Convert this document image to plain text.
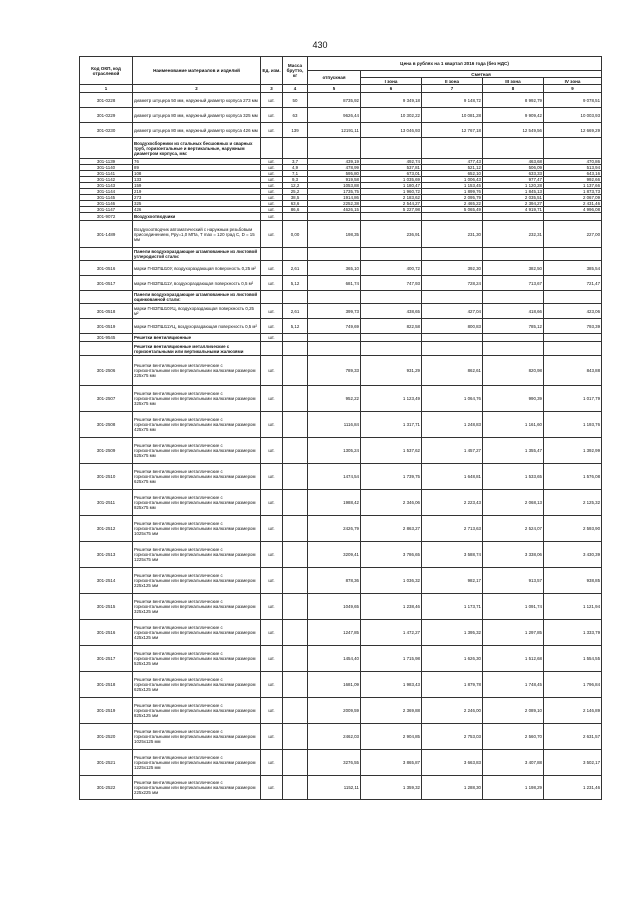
430
Код ОКП, код отраслевой	Наименование материалов и изделий	Ед. изм.	Масса брутто, кг	Цена в рублях на 1 квартал 2016 года (без НДС)				
				отпускная	Сметная			
					I зона	II зона	III зона	IV зона
1	2	3	4	5	6	7	8	9
301-0228	диаметр штуцера 50 мм, наружный диаметр корпуса 273 мм	шт.	50	8735,92	9 349,18	9 148,72	8 992,79	9 078,51
301-0229	диаметр штуцера 80 мм, наружный диаметр корпуса 325 мм	шт.	63	9626,44	10 302,22	10 081,28	9 909,42	10 003,93
301-0230	диаметр штуцера 80 мм, наружный диаметр корпуса 426 мм	шт.	139	12191,11	13 046,93	12 767,18	12 549,56	12 669,29
	Воздухосборники из стальных бесшовных и сварных труб, горизонтальные и вертикальные, наружным диаметром корпуса, мм:							
301-1139	76	шт.	3,7	439,19	492,74	477,43	463,68	470,86
301-1140	89	шт.	4,9	478,99	537,81	521,12	506,09	513,94
301-1141	108	шт.	7,1	595,80	673,01	652,10	633,33	643,16
301-1142	133	шт.	9,3	919,58	1 035,69	1 006,43	977,47	992,66
301-1143	159	шт.	12,2	1053,88	1 180,47	1 153,45	1 120,28	1 137,66
301-1144	219	шт.	25,2	1735,75	1 960,72	1 899,76	1 845,13	1 873,73
301-1145	273	шт.	38,5	1914,86	2 183,62	2 095,79	2 035,51	2 067,09
301-1146	325	шт.	63,6	2252,38	2 544,27	2 465,22	2 394,27	2 431,46
301-1147	426	шт.	86,6	4626,15	5 227,98	5 065,49	4 919,71	4 996,08
301-9072	Воздухоотводчики	шт.						
301-1489	Воздухоотводчик автоматический с наружным резьбовым присоединением, Pру=1,0 МПа, T max = 120 град C, D = 15 мм	шт.	0,00	198,35	236,91	231,30	232,31	227,00
	Панели воздухораздающие штампованные из листовой углеродистой стали:							
301-0516	марки П-ВЗПШ10У, воздухораздающая поверхность 0,25 м²	шт.	2,61	365,10	400,72	392,30	382,50	385,54
301-0517	марки П-ВЗПШ11У, воздухораздающая поверхность 0,5 м²	шт.	5,12	681,74	747,93	728,24	713,67	721,47
	Панели воздухораздающие штампованные из листовой оцинкованной стали:							
301-0518	марки П-ВЗПШ10УЦ, воздухораздающая поверхность 0,25 м²	шт.	2,61	399,73	438,65	427,04	418,66	423,06
301-0519	марки П-ВЗПШ11УЦ, воздухораздающая поверхность 0,5 м²	шт.	5,12	749,69	822,58	800,83	785,12	793,39
301-9545	Решетки вентиляционные	шт.						
	Решетки вентиляционные металлические с горизонтальными или вертикальными жалюзями							
301-2506	Решетки вентиляционные металлические с горизонтальными или вертикальными жалюзями размером 225х75 мм	шт.		789,33	931,29	862,61	820,98	843,88
301-2507	Решетки вентиляционные металлические с горизонтальными или вертикальными жалюзями размером 325х75 мм	шт.		952,22	1 123,49	1 064,76	990,39	1 017,79
301-2508	Решетки вентиляционные металлические с горизонтальными или вертикальными жалюзями размером 425х75 мм	шт.		1116,84	1 317,71	1 248,83	1 161,60	1 193,76
301-2509	Решетки вентиляционные металлические с горизонтальными или вертикальными жалюзями размером 525х75 мм	шт.		1305,24	1 537,62	1 457,27	1 355,47	1 392,99
301-2510	Решетки вентиляционные металлические с горизонтальными или вертикальными жалюзями размером 625х75 мм	шт.		1474,54	1 739,75	1 648,81	1 533,65	1 576,08
301-2511	Решетки вентиляционные металлические с горизонтальными или вертикальными жалюзями размером 825х75 мм	шт.		1988,42	2 346,06	2 223,43	2 068,13	2 125,32
301-2512	Решетки вентиляционные металлические с горизонтальными или вертикальными жалюзями размером 1025х75 мм	шт.		2426,79	2 863,27	2 713,63	2 524,07	2 593,90
301-2513	Решетки вентиляционные металлические с горизонтальными или вертикальными жалюзями размером 1225х75 мм	шт.		3209,41	3 786,65	3 588,74	3 338,06	3 430,39
301-2514	Решетки вентиляционные металлические с горизонтальными или вертикальными жалюзями размером 225х125 мм	шт.		878,36	1 036,32	982,17	913,57	938,85
301-2515	Решетки вентиляционные металлические с горизонтальными или вертикальными жалюзями размером 325х125 мм	шт.		1049,65	1 238,46	1 173,71	1 091,74	1 121,94
301-2516	Решетки вентиляционные металлические с горизонтальными или вертикальными жалюзями размером 425х125 мм	шт.		1247,85	1 472,27	1 395,32	1 297,85	1 333,79
301-2517	Решетки вентиляционные металлические с горизонтальными или вертикальными жалюзями размером 525х125 мм	шт.		1454,40	1 715,98	1 626,30	1 512,68	1 554,55
301-2518	Решетки вентиляционные металлические с горизонтальными или вертикальными жалюзями размером 625х125 мм	шт.		1681,09	1 983,43	1 879,78	1 748,45	1 796,84
301-2519	Решетки вентиляционные металлические с горизонтальными или вертикальными жалюзями размером 825х125 мм	шт.		2009,59	2 369,88	2 246,00	2 089,10	2 146,89
301-2520	Решетки вентиляционные металлические с горизонтальными или вертикальными жалюзями размером 1025х125 мм	шт.		2462,03	2 904,85	2 753,03	2 560,70	2 631,57
301-2521	Решетки вентиляционные металлические с горизонтальными или вертикальными жалюзями размером 1225х125 мм	шт.		3276,55	3 865,87	3 663,83	3 407,88	3 502,17
301-2522	Решетки вентиляционные металлические с горизонтальными или вертикальными жалюзями размером 225х225 мм	шт.		1152,11	1 359,32	1 288,30	1 198,29	1 231,46
